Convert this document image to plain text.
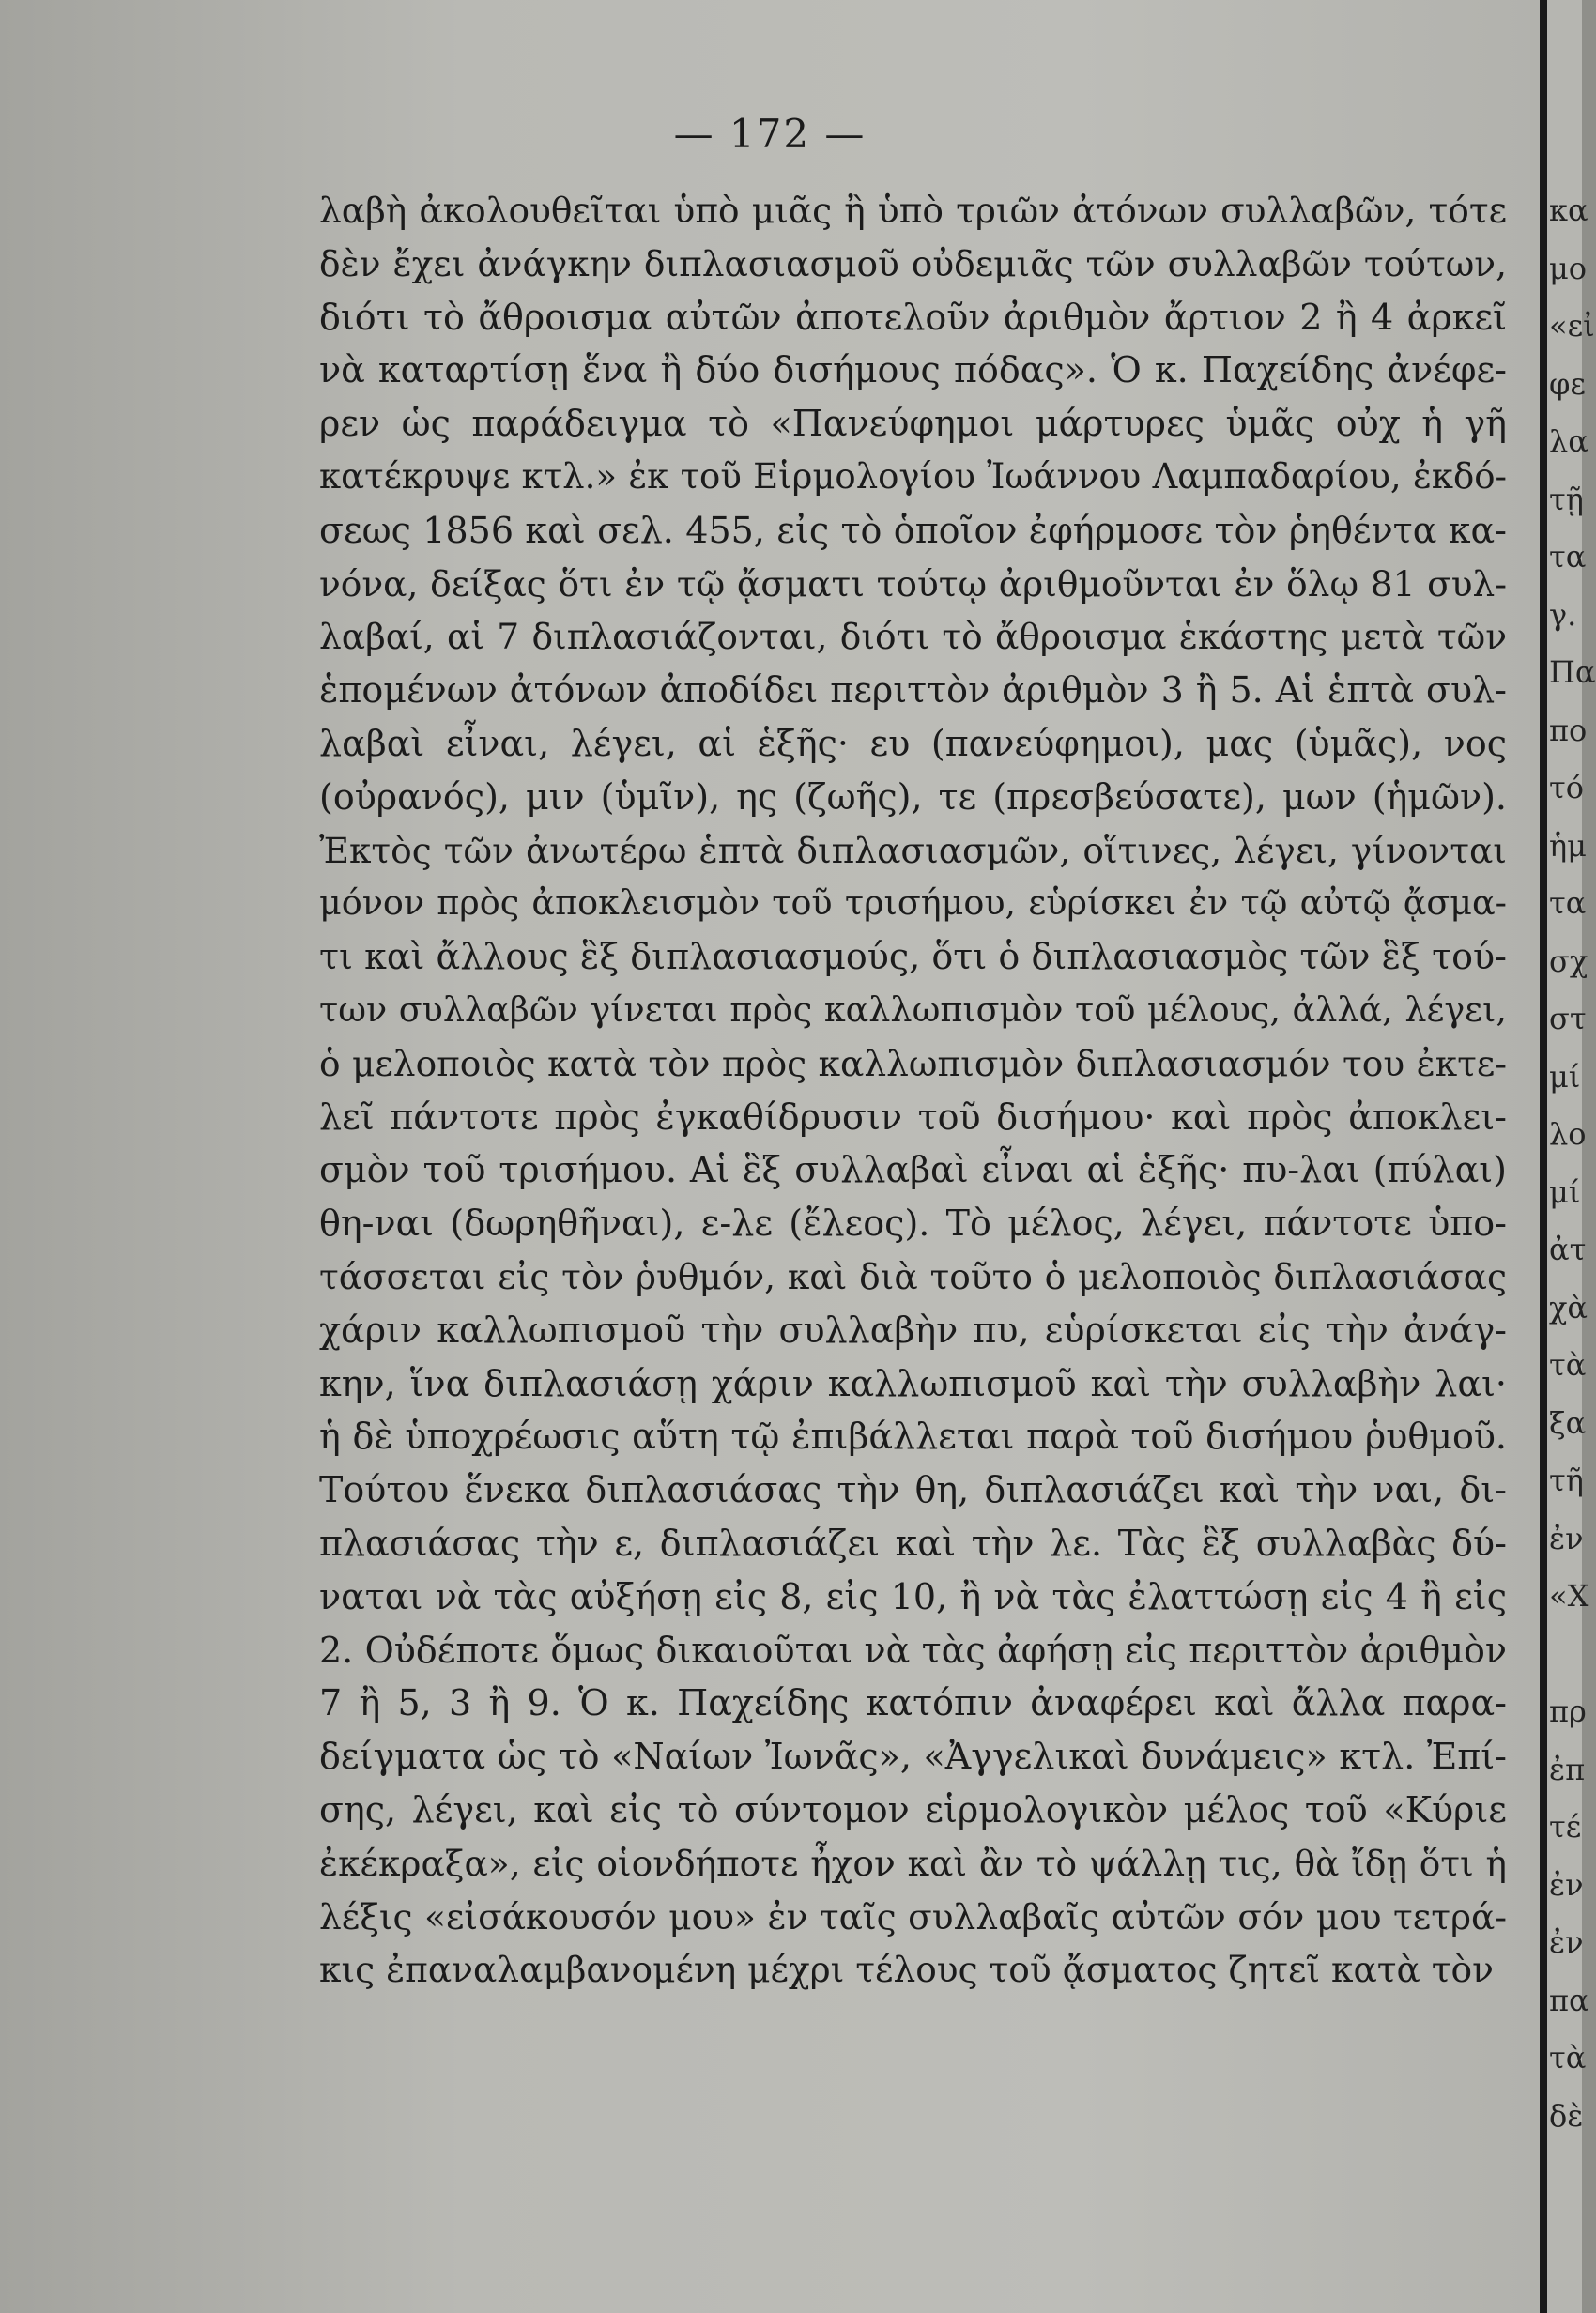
— 172 —
λαβὴ ἀκολουθεῖται ὑπὸ μιᾶς ἢ ὑπὸ τριῶν ἀτόνων συλλαβῶν, τότε
δὲν ἔχει ἀνάγκην διπλασιασμοῦ οὐδεμιᾶς τῶν συλλαβῶν τούτων,
διότι τὸ ἄθροισμα αὐτῶν ἀποτελοῦν ἀριθμὸν ἄρτιον 2 ἢ 4 ἀρκεῖ
νὰ καταρτίσῃ ἕνα ἢ δύο δισήμους πόδας». Ὁ κ. Παχείδης ἀνέφε-
ρεν ὡς παράδειγμα τὸ «Πανεύφημοι μάρτυρες ὑμᾶς οὐχ ἡ γῆ
κατέκρυψε κτλ.» ἐκ τοῦ Εἱρμολογίου Ἰωάννου Λαμπαδαρίου, ἐκδό-
σεως 1856 καὶ σελ. 455, εἰς τὸ ὁποῖον ἐφήρμοσε τὸν ῥηθέντα κα-
νόνα, δείξας ὅτι ἐν τῷ ᾄσματι τούτῳ ἀριθμοῦνται ἐν ὅλῳ 81 συλ-
λαβαί, αἱ 7 διπλασιάζονται, διότι τὸ ἄθροισμα ἑκάστης μετὰ τῶν
ἑπομένων ἀτόνων ἀποδίδει περιττὸν ἀριθμὸν 3 ἢ 5. Αἱ ἑπτὰ συλ-
λαβαὶ εἶναι, λέγει, αἱ ἑξῆς· ευ (πανεύφημοι), μας (ὑμᾶς), νος
(οὐρανός), μιν (ὑμῖν), ης (ζωῆς), τε (πρεσβεύσατε), μων (ἡμῶν).
Ἐκτὸς τῶν ἀνωτέρω ἑπτὰ διπλασιασμῶν, οἵτινες, λέγει, γίνονται
μόνον πρὸς ἀποκλεισμὸν τοῦ τρισήμου, εὑρίσκει ἐν τῷ αὐτῷ ᾄσμα-
τι καὶ ἄλλους ἓξ διπλασιασμούς, ὅτι ὁ διπλασιασμὸς τῶν ἓξ τού-
των συλλαβῶν γίνεται πρὸς καλλωπισμὸν τοῦ μέλους, ἀλλά, λέγει,
ὁ μελοποιὸς κατὰ τὸν πρὸς καλλωπισμὸν διπλασιασμόν του ἐκτε-
λεῖ πάντοτε πρὸς ἐγκαθίδρυσιν τοῦ δισήμου· καὶ πρὸς ἀποκλει-
σμὸν τοῦ τρισήμου. Αἱ ἓξ συλλαβαὶ εἶναι αἱ ἑξῆς· πυ-λαι (πύλαι)
θη-ναι (δωρηθῆναι), ε-λε (ἔλεος). Τὸ μέλος, λέγει, πάντοτε ὑπο-
τάσσεται εἰς τὸν ῥυθμόν, καὶ διὰ τοῦτο ὁ μελοποιὸς διπλασιάσας
χάριν καλλωπισμοῦ τὴν συλλαβὴν πυ, εὑρίσκεται εἰς τὴν ἀνάγ-
κην, ἵνα διπλασιάσῃ χάριν καλλωπισμοῦ καὶ τὴν συλλαβὴν λαι·
ἡ δὲ ὑποχρέωσις αὕτη τῷ ἐπιβάλλεται παρὰ τοῦ δισήμου ῥυθμοῦ.
Τούτου ἕνεκα διπλασιάσας τὴν θη, διπλασιάζει καὶ τὴν ναι, δι-
πλασιάσας τὴν ε, διπλασιάζει καὶ τὴν λε. Τὰς ἓξ συλλαβὰς δύ-
ναται νὰ τὰς αὐξήσῃ εἰς 8, εἰς 10, ἢ νὰ τὰς ἐλαττώσῃ εἰς 4 ἢ εἰς
2. Οὐδέποτε ὅμως δικαιοῦται νὰ τὰς ἀφήσῃ εἰς περιττὸν ἀριθμὸν
7 ἢ 5, 3 ἢ 9. Ὁ κ. Παχείδης κατόπιν ἀναφέρει καὶ ἄλλα παρα-
δείγματα ὡς τὸ «Ναίων Ἰωνᾶς», «Ἀγγελικαὶ δυνάμεις» κτλ. Ἐπί-
σης, λέγει, καὶ εἰς τὸ σύντομον εἱρμολογικὸν μέλος τοῦ «Κύριε
ἐκέκραξα», εἰς οἱονδήποτε ἦχον καὶ ἂν τὸ ψάλλῃ τις, θὰ ἴδῃ ὅτι ἡ
λέξις «εἰσάκουσόν μου» ἐν ταῖς συλλαβαῖς αὐτῶν σόν μου τετρά-
κις ἐπαναλαμβανομένη μέχρι τέλους τοῦ ᾄσματος ζητεῖ κατὰ τὸν
κα
μο
«εἰ
φε
λα
τῇ
τα
γ.
Πα
πο
τό
ἡμ
τα
σχ
στ
μί
λο
μί
ἀτ
χὰ
τὰ
ξα
τῆ
ἐν
«Χ
πρ
ἐπ
τέ
ἐν
ἐν
πα
τὰ
δὲ
